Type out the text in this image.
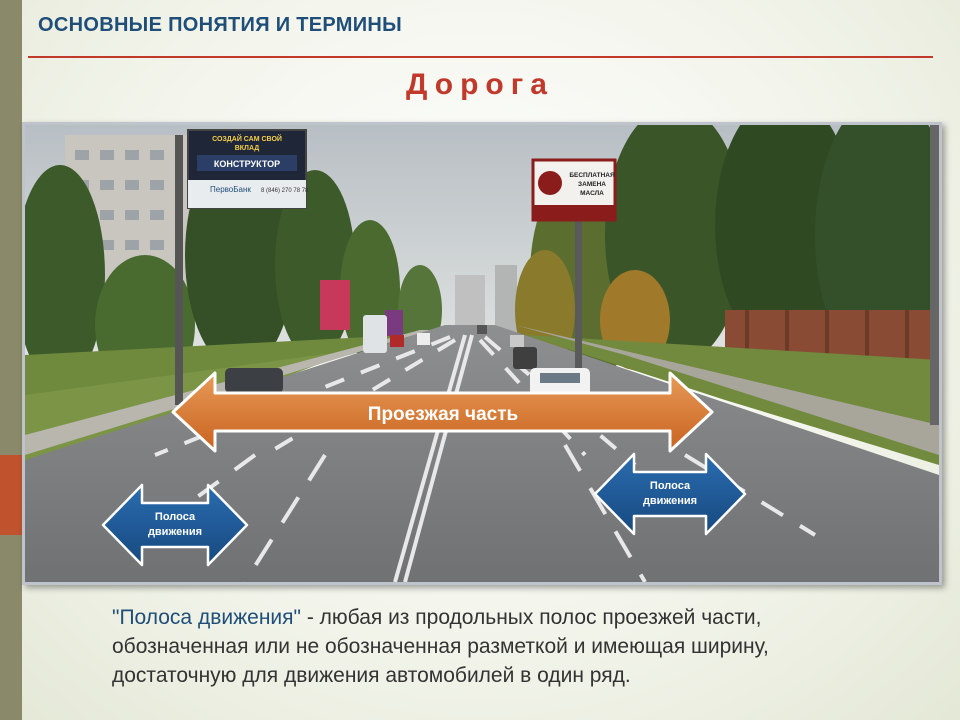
ОСНОВНЫЕ ПОНЯТИЯ И ТЕРМИНЫ
Дорога
СОЗДАЙ САМ СВОЙ
ВКЛАД
КОНСТРУКТОР
ПервоБанк 8 (846) 270 78 78
БЕСПЛАТНАЯ
ЗАМЕНА
МАСЛА
Проезжая часть
Полоса
движения
Полоса
движения
"Полоса движения" - любая из продольных полос проезжей части, обозначенная или не обозначенная разметкой и имеющая ширину, достаточную для движения автомобилей в один ряд.
